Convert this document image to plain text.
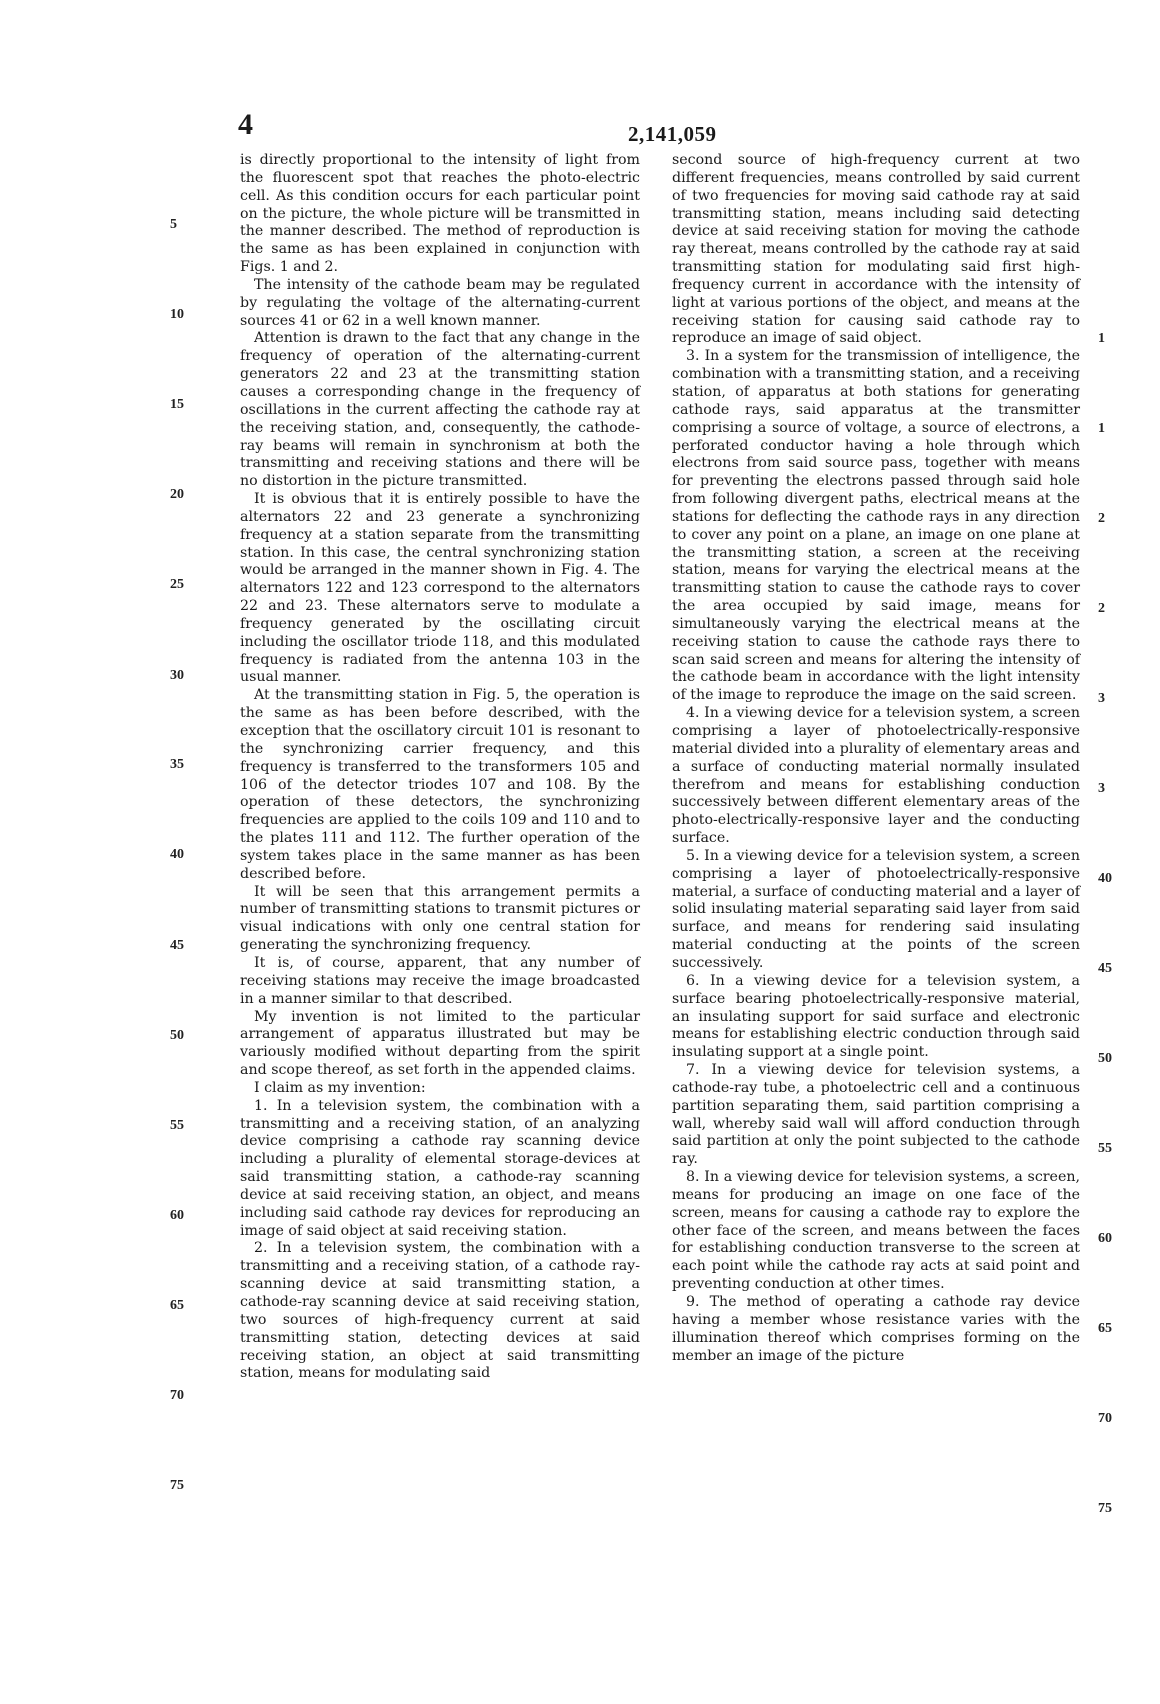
4	2,141,059
5
10
15
20
25
30
35
40
45
50
55
60
65
70
75
1
1
2
2
3
3
40
45
50
55
60
65
70
75

is directly proportional to the intensity of light from the fluorescent spot that reaches the photo-electric cell. As this condition occurs for each particular point on the picture, the whole picture will be transmitted in the manner described. The method of reproduction is the same as has been explained in conjunction with Figs. 1 and 2.

The intensity of the cathode beam may be regulated by regulating the voltage of the alternating-current sources 41 or 62 in a well known manner.

Attention is drawn to the fact that any change in the frequency of operation of the alternating-current generators 22 and 23 at the transmitting station causes a corresponding change in the frequency of oscillations in the current affecting the cathode ray at the receiving station, and, consequently, the cathode-ray beams will remain in synchronism at both the transmitting and receiving stations and there will be no distortion in the picture transmitted.

It is obvious that it is entirely possible to have the alternators 22 and 23 generate a synchronizing frequency at a station separate from the transmitting station. In this case, the central synchronizing station would be arranged in the manner shown in Fig. 4. The alternators 122 and 123 correspond to the alternators 22 and 23. These alternators serve to modulate a frequency generated by the oscillating circuit including the oscillator triode 118, and this modulated frequency is radiated from the antenna 103 in the usual manner.

At the transmitting station in Fig. 5, the operation is the same as has been before described, with the exception that the oscillatory circuit 101 is resonant to the synchronizing carrier frequency, and this frequency is transferred to the transformers 105 and 106 of the detector triodes 107 and 108. By the operation of these detectors, the synchronizing frequencies are applied to the coils 109 and 110 and to the plates 111 and 112. The further operation of the system takes place in the same manner as has been described before.

It will be seen that this arrangement permits a number of transmitting stations to transmit pictures or visual indications with only one central station for generating the synchronizing frequency.

It is, of course, apparent, that any number of receiving stations may receive the image broadcasted in a manner similar to that described.

My invention is not limited to the particular arrangement of apparatus illustrated but may be variously modified without departing from the spirit and scope thereof, as set forth in the appended claims.

I claim as my invention:

1. In a television system, the combination with a transmitting and a receiving station, of an analyzing device comprising a cathode ray scanning device including a plurality of elemental storage-devices at said transmitting station, a cathode-ray scanning device at said receiving station, an object, and means including said cathode ray devices for reproducing an image of said object at said receiving station.

2. In a television system, the combination with a transmitting and a receiving station, of a cathode ray-scanning device at said transmitting station, a cathode-ray scanning device at said receiving station, two sources of high-frequency current at said transmitting station, detecting devices at said receiving station, an object at said transmitting station, means for modulating said

second source of high-frequency current at two different frequencies, means controlled by said current of two frequencies for moving said cathode ray at said transmitting station, means including said detecting device at said receiving station for moving the cathode ray thereat, means controlled by the cathode ray at said transmitting station for modulating said first high-frequency current in accordance with the intensity of light at various portions of the object, and means at the receiving station for causing said cathode ray to reproduce an image of said object.

3. In a system for the transmission of intelligence, the combination with a transmitting station, and a receiving station, of apparatus at both stations for generating cathode rays, said apparatus at the transmitter comprising a source of voltage, a source of electrons, a perforated conductor having a hole through which electrons from said source pass, together with means for preventing the electrons passed through said hole from following divergent paths, electrical means at the stations for deflecting the cathode rays in any direction to cover any point on a plane, an image on one plane at the transmitting station, a screen at the receiving station, means for varying the electrical means at the transmitting station to cause the cathode rays to cover the area occupied by said image, means for simultaneously varying the electrical means at the receiving station to cause the cathode rays there to scan said screen and means for altering the intensity of the cathode beam in accordance with the light intensity of the image to reproduce the image on the said screen.

4. In a viewing device for a television system, a screen comprising a layer of photoelectrically-responsive material divided into a plurality of elementary areas and a surface of conducting material normally insulated therefrom and means for establishing conduction successively between different elementary areas of the photo-electrically-responsive layer and the conducting surface.

5. In a viewing device for a television system, a screen comprising a layer of photoelectrically-responsive material, a surface of conducting material and a layer of solid insulating material separating said layer from said surface, and means for rendering said insulating material conducting at the points of the screen successively.

6. In a viewing device for a television system, a surface bearing photoelectrically-responsive material, an insulating support for said surface and electronic means for establishing electric conduction through said insulating support at a single point.

7. In a viewing device for television systems, a cathode-ray tube, a photoelectric cell and a continuous partition separating them, said partition comprising a wall, whereby said wall will afford conduction through said partition at only the point subjected to the cathode ray.

8. In a viewing device for television systems, a screen, means for producing an image on one face of the screen, means for causing a cathode ray to explore the other face of the screen, and means between the faces for establishing conduction transverse to the screen at each point while the cathode ray acts at said point and preventing conduction at other times.

9. The method of operating a cathode ray device having a member whose resistance varies with the illumination thereof which comprises forming on the member an image of the picture
